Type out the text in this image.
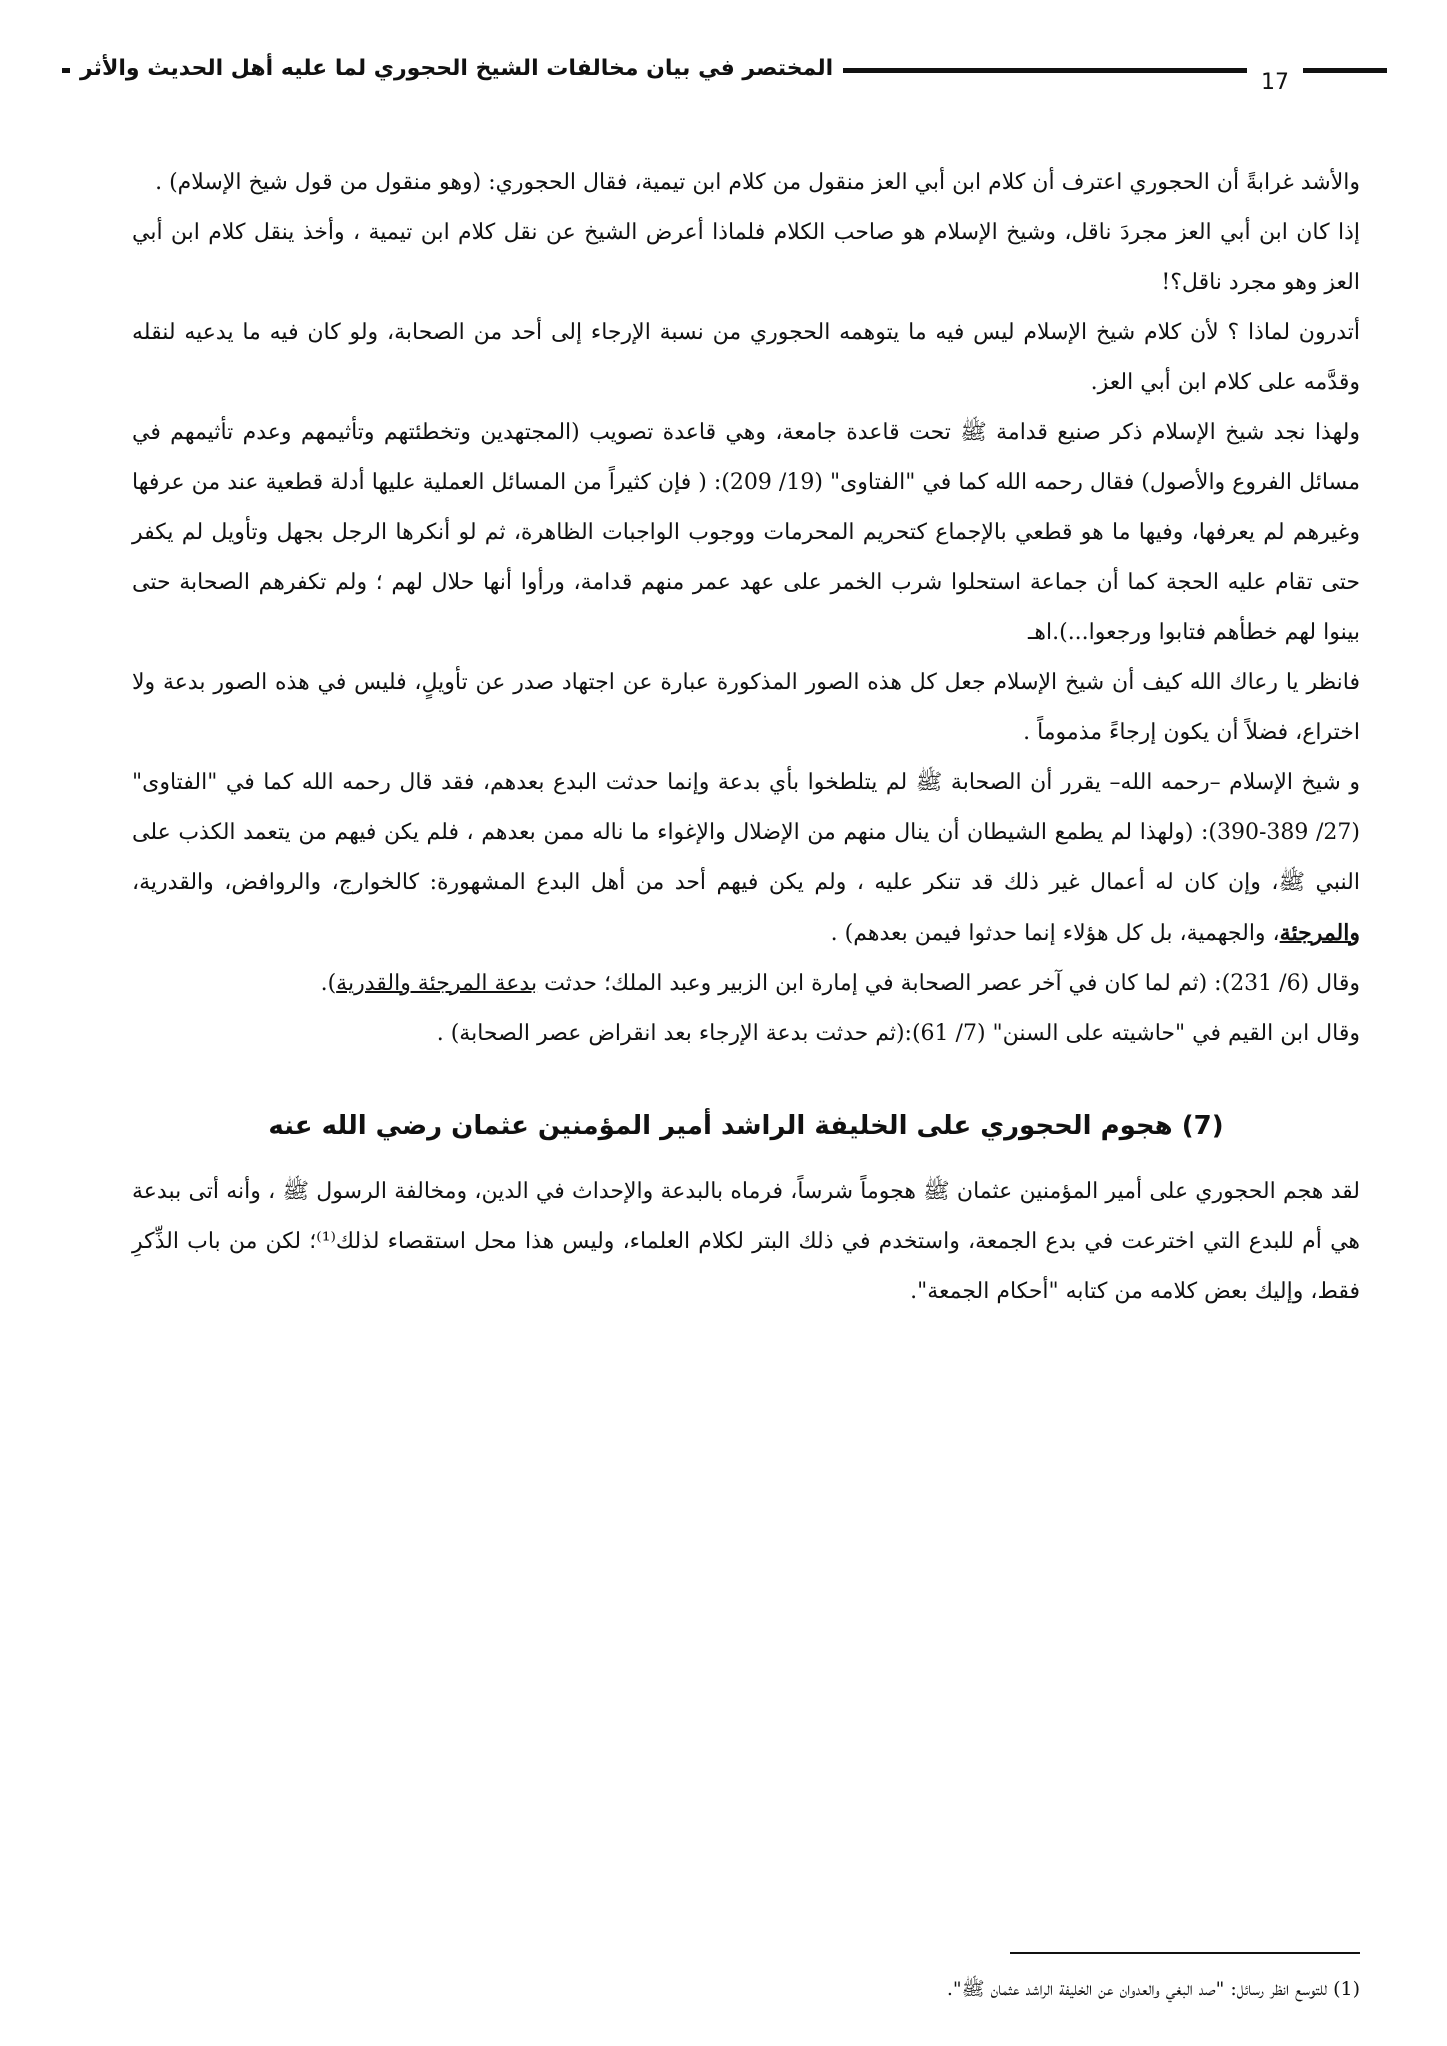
المختصر في بيان مخالفات الشيخ الحجوري لما عليه أهل الحديث والأثر
17

والأشد غرابةً أن الحجوري اعترف أن كلام ابن أبي العز منقول من كلام ابن تيمية، فقال الحجوري: (وهو منقول من قول شيخ الإسلام) .

إذا كان ابن أبي العز مجردَ ناقل، وشيخ الإسلام هو صاحب الكلام فلماذا أعرض الشيخ عن نقل كلام ابن تيمية ، وأخذ ينقل كلام ابن أبي العز وهو مجرد ناقل؟!

أتدرون لماذا ؟ لأن كلام شيخ الإسلام ليس فيه ما يتوهمه الحجوري من نسبة الإرجاء إلى أحد من الصحابة، ولو كان فيه ما يدعيه لنقله وقدَّمه على كلام ابن أبي العز.

ولهذا نجد شيخ الإسلام ذكر صنيع قدامة ﷺ تحت قاعدة جامعة، وهي قاعدة تصويب (المجتهدين وتخطئتهم وتأثيمهم وعدم تأثيمهم في مسائل الفروع والأصول) فقال رحمه الله كما في "الفتاوى" (19/ 209): ( فإن كثيراً من المسائل العملية عليها أدلة قطعية عند من عرفها وغيرهم لم يعرفها، وفيها ما هو قطعي بالإجماع كتحريم المحرمات ووجوب الواجبات الظاهرة، ثم لو أنكرها الرجل بجهل وتأويل لم يكفر حتى تقام عليه الحجة كما أن جماعة استحلوا شرب الخمر على عهد عمر منهم قدامة، ورأوا أنها حلال لهم ؛ ولم تكفرهم الصحابة حتى بينوا لهم خطأهم فتابوا ورجعوا...).اهـ

فانظر يا رعاك الله كيف أن شيخ الإسلام جعل كل هذه الصور المذكورة عبارة عن اجتهاد صدر عن تأويلٍ، فليس في هذه الصور بدعة ولا اختراع، فضلاً أن يكون إرجاءً مذموماً .

و شيخ الإسلام –رحمه الله– يقرر أن الصحابة ﷺ لم يتلطخوا بأي بدعة وإنما حدثت البدع بعدهم، فقد قال رحمه الله كما في "الفتاوى" (27/ 389-390): (ولهذا لم يطمع الشيطان أن ينال منهم من الإضلال والإغواء ما ناله ممن بعدهم ، فلم يكن فيهم من يتعمد الكذب على النبي ﷺ، وإن كان له أعمال غير ذلك قد تنكر عليه ، ولم يكن فيهم أحد من أهل البدع المشهورة: كالخوارج، والروافض، والقدرية، والمرجئة، والجهمية، بل كل هؤلاء إنما حدثوا فيمن بعدهم) .

وقال (6/ 231): (ثم لما كان في آخر عصر الصحابة في إمارة ابن الزبير وعبد الملك؛ حدثت بدعة المرجئة والقدرية).

وقال ابن القيم في "حاشيته على السنن" (7/ 61):(ثم حدثت بدعة الإرجاء بعد انقراض عصر الصحابة) .

(7) هجوم الحجوري على الخليفة الراشد أمير المؤمنين عثمان رضي الله عنه

لقد هجم الحجوري على أمير المؤمنين عثمان ﷺ هجوماً شرساً، فرماه بالبدعة والإحداث في الدين، ومخالفة الرسول ﷺ ، وأنه أتى ببدعة هي أم للبدع التي اخترعت في بدع الجمعة، واستخدم في ذلك البتر لكلام العلماء، وليس هذا محل استقصاء لذلك⁽¹⁾؛ لكن من باب الذِّكرِ فقط، وإليك بعض كلامه من كتابه "أحكام الجمعة".

(1) للتوسع انظر رسائل: "صد البغي والعدوان عن الخليفة الراشد عثمان ﷺ".
